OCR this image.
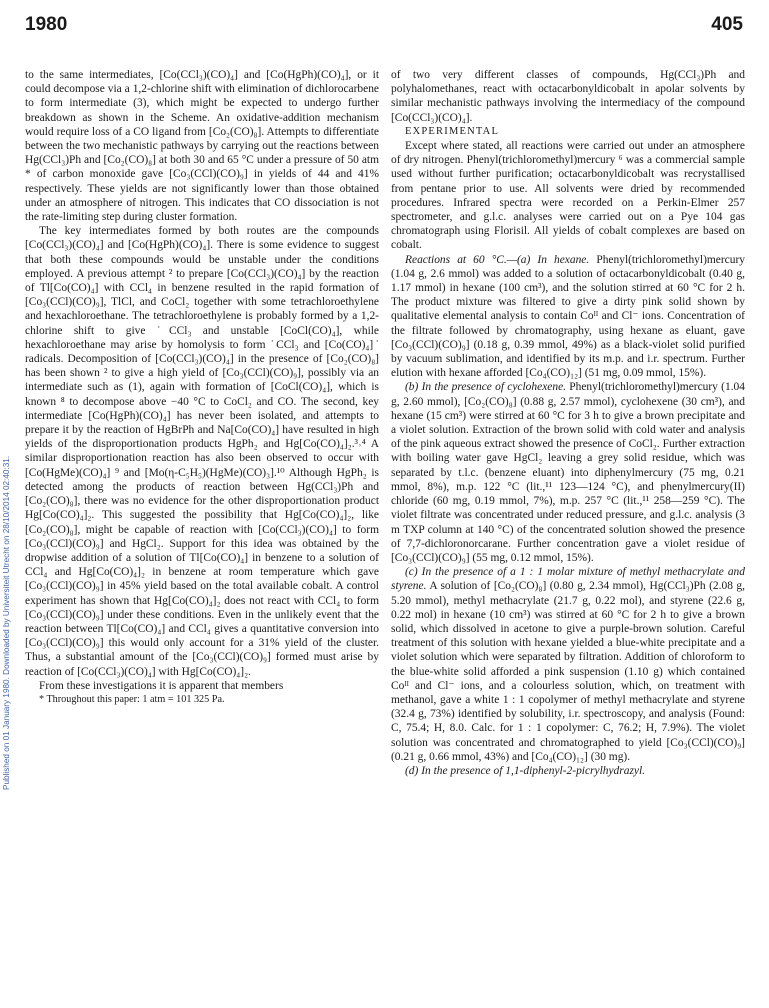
1980	405
Published on 01 January 1980. Downloaded by Universiteit Utrecht on 28/10/2014 02:40:31.

to the same intermediates, [Co(CCl₃)(CO)₄] and [Co(HgPh)(CO)₄], or it could decompose via a 1,2-chlorine shift with elimination of dichlorocarbene to form intermediate (3), which might be expected to undergo further breakdown as shown in the Scheme. An oxidative-addition mechanism would require loss of a CO ligand from [Co₂(CO)₈]. Attempts to differentiate between the two mechanistic pathways by carrying out the reactions between Hg(CCl₃)Ph and [Co₂(CO)₈] at both 30 and 65 °C under a pressure of 50 atm * of carbon monoxide gave [Co₃(CCl)(CO)₉] in yields of 44 and 41% respectively. These yields are not significantly lower than those obtained under an atmosphere of nitrogen. This indicates that CO dissociation is not the rate-limiting step during cluster formation.

The key intermediates formed by both routes are the compounds [Co(CCl₃)(CO)₄] and [Co(HgPh)(CO)₄]. There is some evidence to suggest that both these compounds would be unstable under the conditions employed. A previous attempt ² to prepare [Co(CCl₃)(CO)₄] by the reaction of Tl[Co(CO)₄] with CCl₄ in benzene resulted in the rapid formation of [Co₃(CCl)(CO)₉], TlCl, and CoCl₂ together with some tetrachloroethylene and hexachloroethane. The tetrachloroethylene is probably formed by a 1,2-chlorine shift to give ˙CCl₃ and unstable [CoCl(CO)₄], while hexachloroethane may arise by homolysis to form ˙CCl₃ and [Co(CO)₄]˙ radicals. Decomposition of [Co(CCl₃)(CO)₄] in the presence of [Co₂(CO)₈] has been shown ² to give a high yield of [Co₃(CCl)(CO)₉], possibly via an intermediate such as (1), again with formation of [CoCl(CO)₄], which is known ⁸ to decompose above −40 °C to CoCl₂ and CO. The second, key intermediate [Co(HgPh)(CO)₄] has never been isolated, and attempts to prepare it by the reaction of HgBrPh and Na[Co(CO)₄] have resulted in high yields of the disproportionation products HgPh₂ and Hg[Co(CO)₄]₂.³˒⁴ A similar disproportionation reaction has also been observed to occur with [Co(HgMe)(CO)₄] ⁹ and [Mo(η-C₅H₅)(HgMe)(CO)₃].¹⁰ Although HgPh₂ is detected among the products of reaction between Hg(CCl₃)Ph and [Co₂(CO)₈], there was no evidence for the other disproportionation product Hg[Co(CO)₄]₂. This suggested the possibility that Hg[Co(CO)₄]₂, like [Co₂(CO)₈], might be capable of reaction with [Co(CCl₃)(CO)₄] to form [Co₃(CCl)(CO)₉] and HgCl₂. Support for this idea was obtained by the dropwise addition of a solution of Tl[Co(CO)₄] in benzene to a solution of CCl₄ and Hg[Co(CO)₄]₂ in benzene at room temperature which gave [Co₃(CCl)(CO)₉] in 45% yield based on the total available cobalt. A control experiment has shown that Hg[Co(CO)₄]₂ does not react with CCl₄ to form [Co₃(CCl)(CO)₉] under these conditions. Even in the unlikely event that the reaction between Tl[Co(CO)₄] and CCl₄ gives a quantitative conversion into [Co₃(CCl)(CO)₉] this would only account for a 31% yield of the cluster. Thus, a substantial amount of the [Co₃(CCl)(CO)₉] formed must arise by reaction of [Co(CCl₃)(CO)₄] with Hg[Co(CO)₄]₂.

From these investigations it is apparent that members

* Throughout this paper: 1 atm = 101 325 Pa.

of two very different classes of compounds, Hg(CCl₃)Ph and polyhalomethanes, react with octacarbonyldicobalt in apolar solvents by similar mechanistic pathways involving the intermediacy of the compound [Co(CCl₃)(CO)₄].

EXPERIMENTAL

Except where stated, all reactions were carried out under an atmosphere of dry nitrogen. Phenyl(trichloromethyl)mercury ⁶ was a commercial sample used without further purification; octacarbonyldicobalt was recrystallised from pentane prior to use. All solvents were dried by recommended procedures. Infrared spectra were recorded on a Perkin-Elmer 257 spectrometer, and g.l.c. analyses were carried out on a Pye 104 gas chromatograph using Florisil. All yields of cobalt complexes are based on cobalt.

Reactions at 60 °C.—(a) In hexane. Phenyl(trichloromethyl)mercury (1.04 g, 2.6 mmol) was added to a solution of octacarbonyldicobalt (0.40 g, 1.17 mmol) in hexane (100 cm³), and the solution stirred at 60 °C for 2 h. The product mixture was filtered to give a dirty pink solid shown by qualitative elemental analysis to contain Coᴵᴵ and Cl⁻ ions. Concentration of the filtrate followed by chromatography, using hexane as eluant, gave [Co₃(CCl)(CO)₉] (0.18 g, 0.39 mmol, 49%) as a black-violet solid purified by vacuum sublimation, and identified by its m.p. and i.r. spectrum. Further elution with hexane afforded [Co₄(CO)₁₂] (51 mg, 0.09 mmol, 15%).

(b) In the presence of cyclohexene. Phenyl(trichloromethyl)mercury (1.04 g, 2.60 mmol), [Co₂(CO)₈] (0.88 g, 2.57 mmol), cyclohexene (30 cm³), and hexane (15 cm³) were stirred at 60 °C for 3 h to give a brown precipitate and a violet solution. Extraction of the brown solid with cold water and analysis of the pink aqueous extract showed the presence of CoCl₂. Further extraction with boiling water gave HgCl₂ leaving a grey solid residue, which was separated by t.l.c. (benzene eluant) into diphenylmercury (75 mg, 0.21 mmol, 8%), m.p. 122 °C (lit.,¹¹ 123—124 °C), and phenylmercury(II) chloride (60 mg, 0.19 mmol, 7%), m.p. 257 °C (lit.,¹¹ 258—259 °C). The violet filtrate was concentrated under reduced pressure, and g.l.c. analysis (3 m TXP column at 140 °C) of the concentrated solution showed the presence of 7,7-dichloronorcarane. Further concentration gave a violet residue of [Co₃(CCl)(CO)₉] (55 mg, 0.12 mmol, 15%).

(c) In the presence of a 1 : 1 molar mixture of methyl methacrylate and styrene. A solution of [Co₂(CO)₈] (0.80 g, 2.34 mmol), Hg(CCl₃)Ph (2.08 g, 5.20 mmol), methyl methacrylate (21.7 g, 0.22 mol), and styrene (22.6 g, 0.22 mol) in hexane (10 cm³) was stirred at 60 °C for 2 h to give a brown solid, which dissolved in acetone to give a purple-brown solution. Careful treatment of this solution with hexane yielded a blue-white precipitate and a violet solution which were separated by filtration. Addition of chloroform to the blue-white solid afforded a pink suspension (1.10 g) which contained Coᴵᴵ and Cl⁻ ions, and a colourless solution, which, on treatment with methanol, gave a white 1 : 1 copolymer of methyl methacrylate and styrene (32.4 g, 73%) identified by solubility, i.r. spectroscopy, and analysis (Found: C, 75.4; H, 8.0. Calc. for 1 : 1 copolymer: C, 76.2; H, 7.9%). The violet solution was concentrated and chromatographed to yield [Co₃(CCl)(CO)₉] (0.21 g, 0.66 mmol, 43%) and [Co₄(CO)₁₂] (30 mg).

(d) In the presence of 1,1-diphenyl-2-picrylhydrazyl.
